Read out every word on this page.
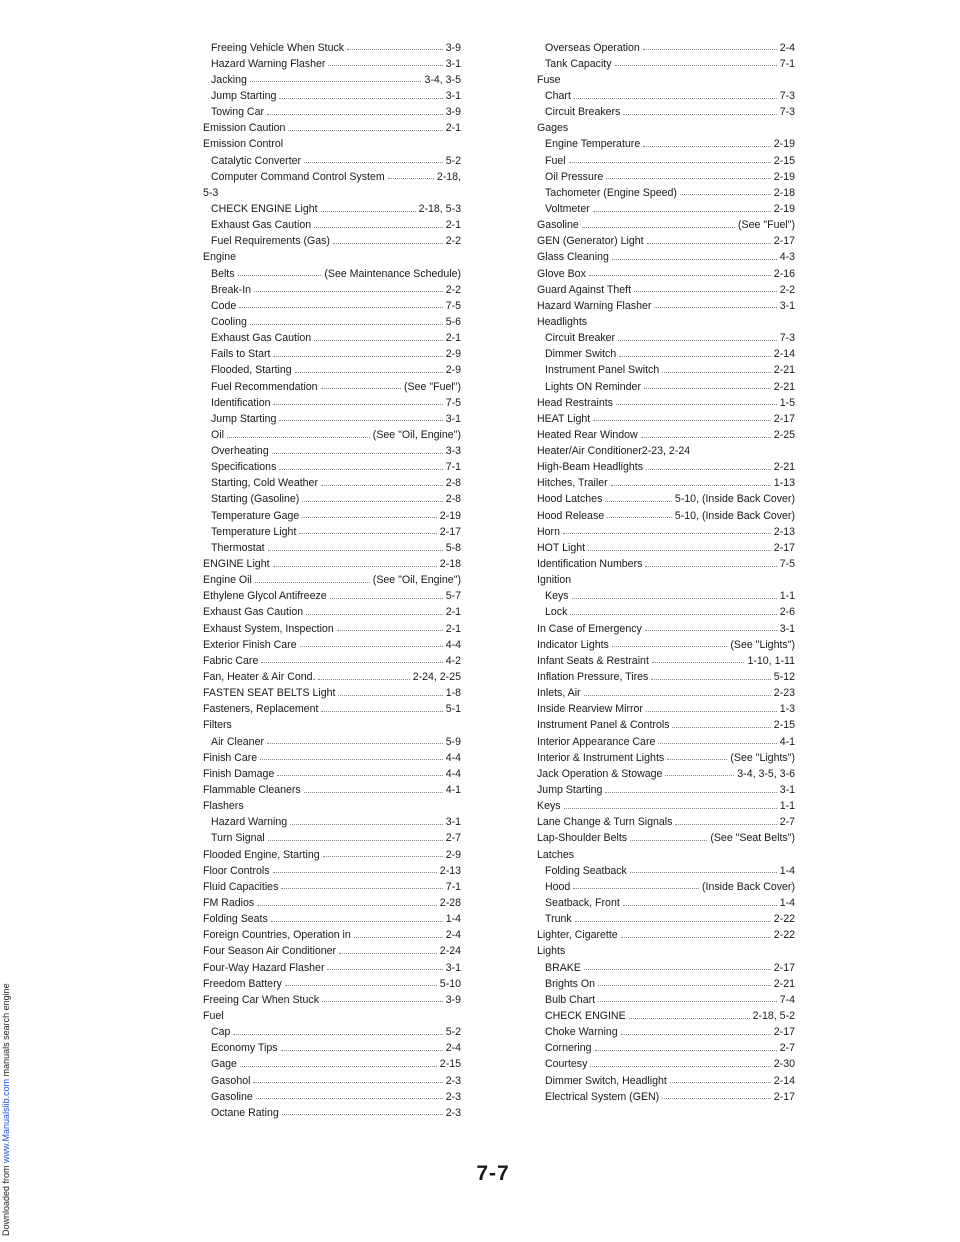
Freeing Vehicle When Stuck	3-9
Hazard Warning Flasher	3-1
Jacking	3-4, 3-5
Jump Starting	3-1
Towing Car	3-9
Emission Caution	2-1
Emission Control
Catalytic Converter	5-2
Computer Command Control System	2-18,
5-3
CHECK ENGINE Light	2-18, 5-3
Exhaust Gas Caution	2-1
Fuel Requirements (Gas)	2-2
Engine
Belts	(See Maintenance Schedule)
Break-In	2-2
Code	7-5
Cooling	5-6
Exhaust Gas Caution	2-1
Fails to Start	2-9
Flooded, Starting	2-9
Fuel Recommendation	(See "Fuel")
Identification	7-5
Jump Starting	3-1
Oil	(See "Oil, Engine")
Overheating	3-3
Specifications	7-1
Starting, Cold Weather	2-8
Starting (Gasoline)	2-8
Temperature Gage	2-19
Temperature Light	2-17
Thermostat	5-8
ENGINE Light	2-18
Engine Oil	(See "Oil, Engine")
Ethylene Glycol Antifreeze	5-7
Exhaust Gas Caution	2-1
Exhaust System, Inspection	2-1
Exterior Finish Care	4-4
Fabric Care	4-2
Fan, Heater & Air Cond.	2-24, 2-25
FASTEN SEAT BELTS Light	1-8
Fasteners, Replacement	5-1
Filters
Air Cleaner	5-9
Finish Care	4-4
Finish Damage	4-4
Flammable Cleaners	4-1
Flashers
Hazard Warning	3-1
Turn Signal	2-7
Flooded Engine, Starting	2-9
Floor Controls	2-13
Fluid Capacities	7-1
FM Radios	2-28
Folding Seats	1-4
Foreign Countries, Operation in	2-4
Four Season Air Conditioner	2-24
Four-Way Hazard Flasher	3-1
Freedom Battery	5-10
Freeing Car When Stuck	3-9
Fuel
Cap	5-2
Economy Tips	2-4
Gage	2-15
Gasohol	2-3
Gasoline	2-3
Octane Rating	2-3
Overseas Operation	2-4
Tank Capacity	7-1
Fuse
Chart	7-3
Circuit Breakers	7-3
Gages
Engine Temperature	2-19
Fuel	2-15
Oil Pressure	2-19
Tachometer (Engine Speed)	2-18
Voltmeter	2-19
Gasoline	(See "Fuel")
GEN (Generator) Light	2-17
Glass Cleaning	4-3
Glove Box	2-16
Guard Against Theft	2-2
Hazard Warning Flasher	3-1
Headlights
Circuit Breaker	7-3
Dimmer Switch	2-14
Instrument Panel Switch	2-21
Lights ON Reminder	2-21
Head Restraints	1-5
HEAT Light	2-17
Heated Rear Window	2-25
Heater/Air Conditioner2-23, 2-24
High-Beam Headlights	2-21
Hitches, Trailer	1-13
Hood Latches	5-10, (Inside Back Cover)
Hood Release	5-10, (Inside Back Cover)
Horn	2-13
HOT Light	2-17
Identification Numbers	7-5
Ignition
Keys	1-1
Lock	2-6
In Case of Emergency	3-1
Indicator Lights	(See "Lights")
Infant Seats & Restraint	1-10, 1-11
Inflation Pressure, Tires	5-12
Inlets, Air	2-23
Inside Rearview Mirror	1-3
Instrument Panel & Controls	2-15
Interior Appearance Care	4-1
Interior & Instrument Lights	(See "Lights")
Jack Operation & Stowage	3-4, 3-5, 3-6
Jump Starting	3-1
Keys	1-1
Lane Change & Turn Signals	2-7
Lap-Shoulder Belts	(See "Seat Belts")
Latches
Folding Seatback	1-4
Hood	(Inside Back Cover)
Seatback, Front	1-4
Trunk	2-22
Lighter, Cigarette	2-22
Lights
BRAKE	2-17
Brights On	2-21
Bulb Chart	7-4
CHECK ENGINE	2-18, 5-2
Choke Warning	2-17
Cornering	2-7
Courtesy	2-30
Dimmer Switch, Headlight	2-14
Electrical System (GEN)	2-17
7-7
Downloaded from www.Manualslib.com manuals search engine
